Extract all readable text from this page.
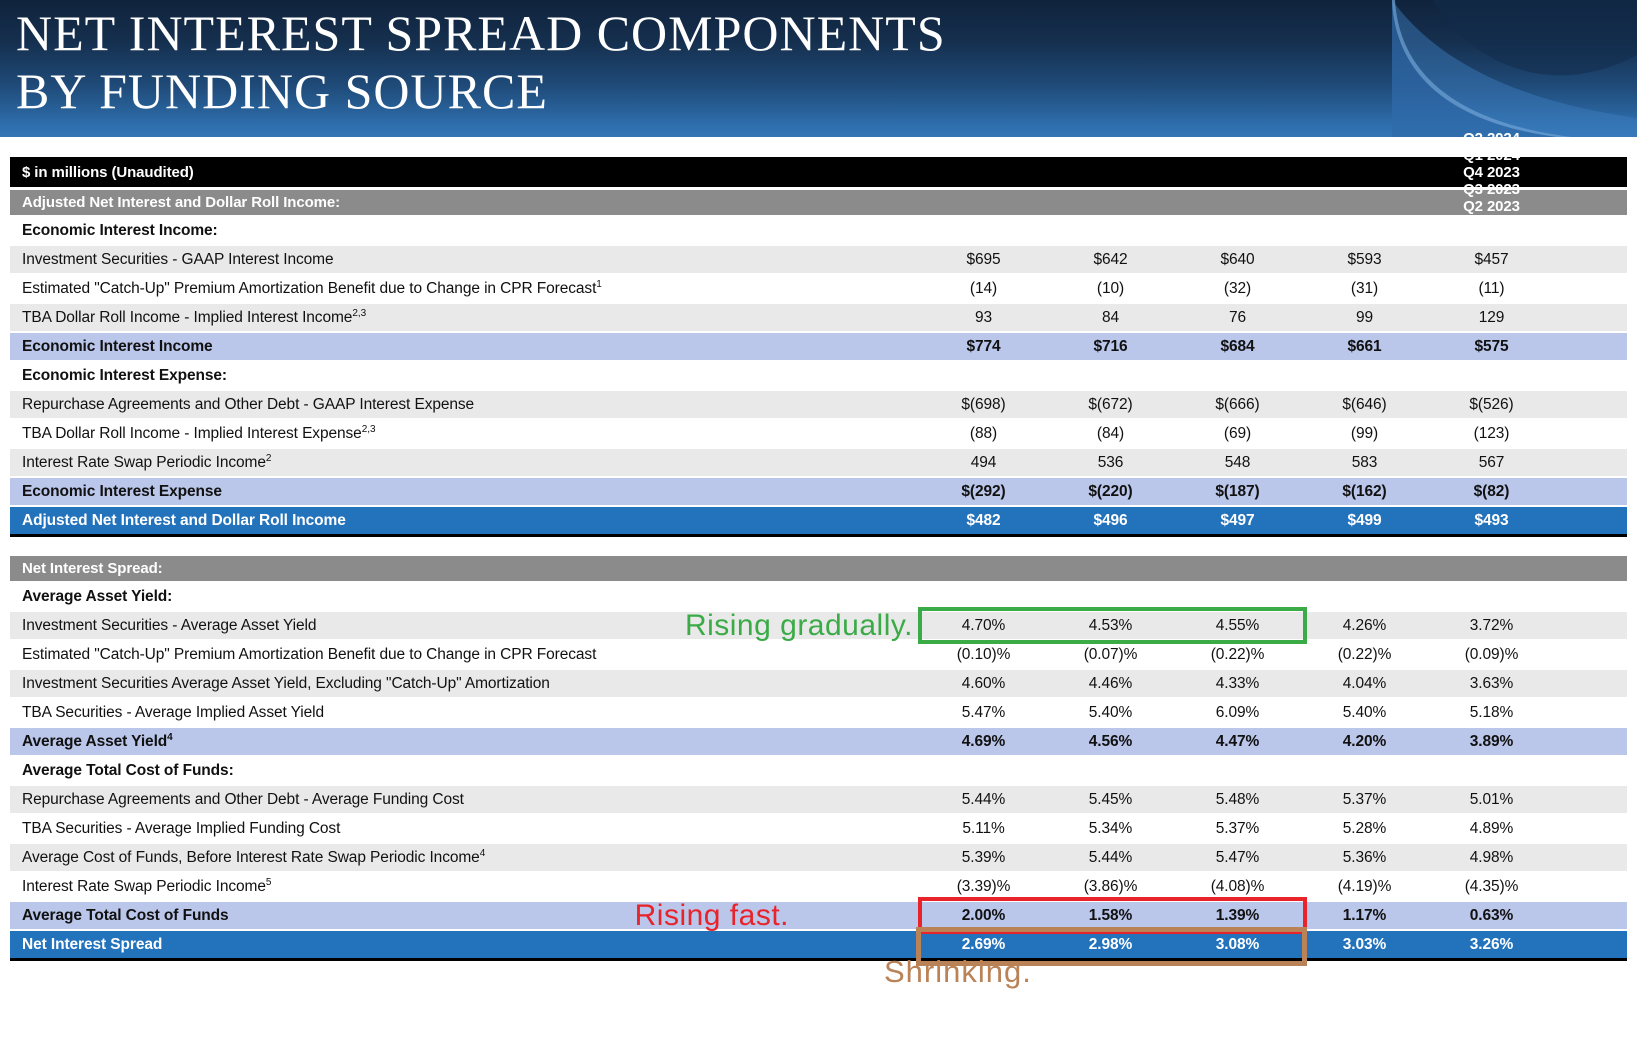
NET INTEREST SPREAD COMPONENTS
BY FUNDING SOURCE
$ in millions (Unaudited)
Q2 2024
Q1 2024
Q4 2023
Q3 2023
Q2 2023
Adjusted Net Interest and Dollar Roll Income:
Economic Interest Income:
Investment Securities - GAAP Interest Income	$695	$642	$640	$593	$457
Estimated "Catch-Up" Premium Amortization Benefit due to Change in CPR Forecast$^1$	(14)	(10)	(32)	(31)	(11)
TBA Dollar Roll Income - Implied Interest Income$^{2,3}$	93	84	76	99	129
Economic Interest Income	$774	$716	$684	$661	$575
Economic Interest Expense:
Repurchase Agreements and Other Debt - GAAP Interest Expense	$(698)	$(672)	$(666)	$(646)	$(526)
TBA Dollar Roll Income - Implied Interest Expense$^{2,3}$	(88)	(84)	(69)	(99)	(123)
Interest Rate Swap Periodic Income$^2$	494	536	548	583	567
Economic Interest Expense	$(292)	$(220)	$(187)	$(162)	$(82)
Adjusted Net Interest and Dollar Roll Income	$482	$496	$497	$499	$493
Net Interest Spread:
Average Asset Yield:
Investment Securities - Average Asset Yield	4.70%	4.53%	4.55%	4.26%	3.72%
Rising gradually.
Estimated "Catch-Up" Premium Amortization Benefit due to Change in CPR Forecast	(0.10)%	(0.07)%	(0.22)%	(0.22)%	(0.09)%
Investment Securities Average Asset Yield, Excluding "Catch-Up" Amortization	4.60%	4.46%	4.33%	4.04%	3.63%
TBA Securities - Average Implied Asset Yield	5.47%	5.40%	6.09%	5.40%	5.18%
Average Asset Yield$^4$	4.69%	4.56%	4.47%	4.20%	3.89%
Average Total Cost of Funds:
Repurchase Agreements and Other Debt - Average Funding Cost	5.44%	5.45%	5.48%	5.37%	5.01%
TBA Securities - Average Implied Funding Cost	5.11%	5.34%	5.37%	5.28%	4.89%
Average Cost of Funds, Before Interest Rate Swap Periodic Income$^4$	5.39%	5.44%	5.47%	5.36%	4.98%
Interest Rate Swap Periodic Income$^5$	(3.39)%	(3.86)%	(4.08)%	(4.19)%	(4.35)%
Average Total Cost of Funds	2.00%	1.58%	1.39%	1.17%	0.63%
Rising fast.
Net Interest Spread	2.69%	2.98%	3.08%	3.03%	3.26%
Shrinking.
